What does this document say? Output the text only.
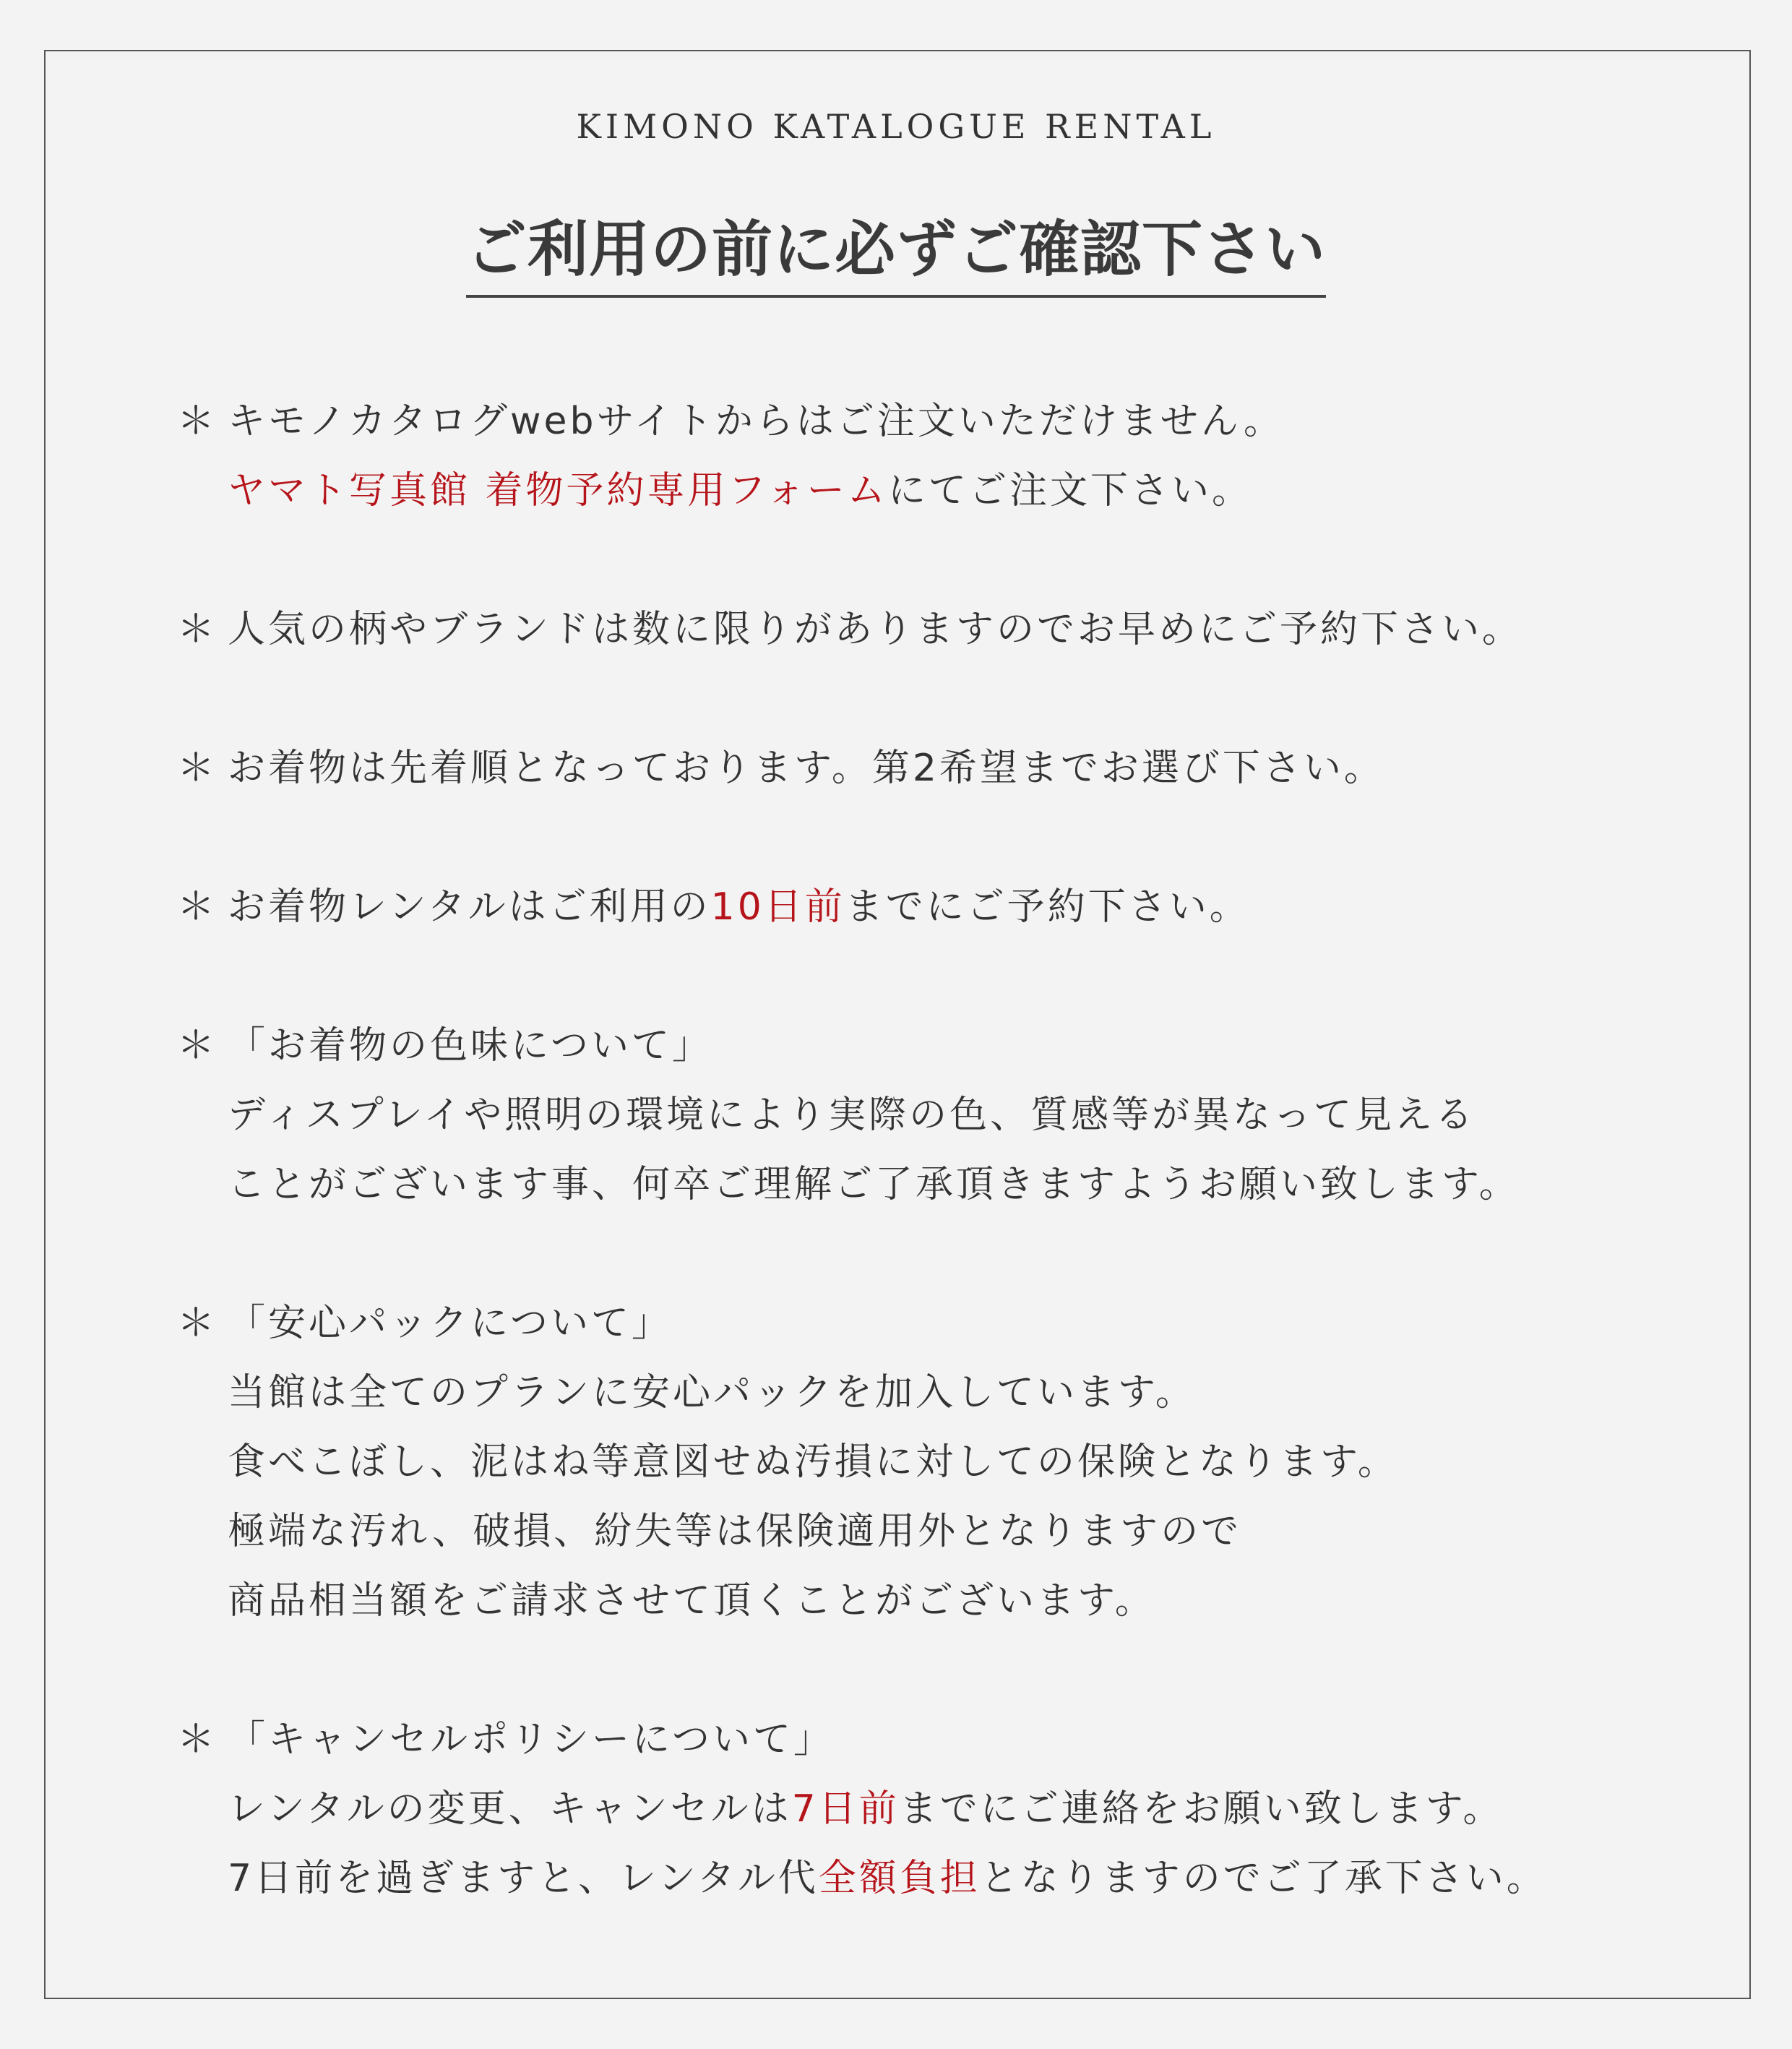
KIMONO KATALOGUE RENTAL
ご利用の前に必ずご確認下さい
＊ キモノカタログwebサイトからはご注文いただけません。
ヤマト写真館 着物予約専用フォームにてご注文下さい。
＊ 人気の柄やブランドは数に限りがありますのでお早めにご予約下さい。
＊ お着物は先着順となっております。第2希望までお選び下さい。
＊ お着物レンタルはご利用の10日前までにご予約下さい。
＊ 「お着物の色味について」
ディスプレイや照明の環境により実際の色、質感等が異なって見える
ことがございます事、何卒ご理解ご了承頂きますようお願い致します。
＊ 「安心パックについて」
当館は全てのプランに安心パックを加入しています。
食べこぼし、泥はね等意図せぬ汚損に対しての保険となります。
極端な汚れ、破損、紛失等は保険適用外となりますので
商品相当額をご請求させて頂くことがございます。
＊ 「キャンセルポリシーについて」
レンタルの変更、キャンセルは7日前までにご連絡をお願い致します。
7日前を過ぎますと、レンタル代全額負担となりますのでご了承下さい。
